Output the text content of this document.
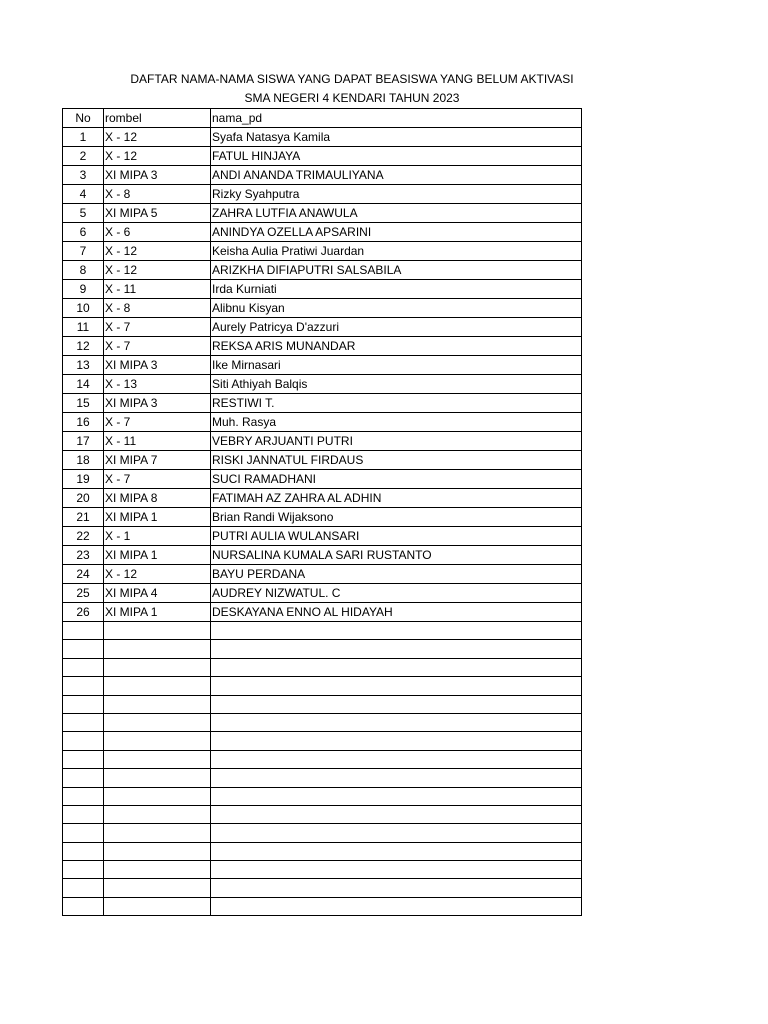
DAFTAR NAMA-NAMA SISWA YANG DAPAT BEASISWA YANG BELUM AKTIVASI
SMA NEGERI 4 KENDARI TAHUN 2023
No	rombel	nama_pd
1	X - 12	Syafa Natasya Kamila
2	X - 12	FATUL HINJAYA
3	XI MIPA 3	ANDI ANANDA TRIMAULIYANA
4	X - 8	Rizky Syahputra
5	XI MIPA 5	ZAHRA LUTFIA ANAWULA
6	X - 6	ANINDYA OZELLA APSARINI
7	X - 12	Keisha Aulia Pratiwi Juardan
8	X - 12	ARIZKHA DIFIAPUTRI SALSABILA
9	X - 11	Irda Kurniati
10	X - 8	Alibnu Kisyan
11	X - 7	Aurely Patricya D'azzuri
12	X - 7	REKSA ARIS MUNANDAR
13	XI MIPA 3	Ike Mirnasari
14	X - 13	Siti Athiyah Balqis
15	XI MIPA 3	RESTIWI T.
16	X - 7	Muh. Rasya
17	X - 11	VEBRY ARJUANTI PUTRI
18	XI MIPA 7	RISKI JANNATUL FIRDAUS
19	X - 7	SUCI RAMADHANI
20	XI MIPA 8	FATIMAH AZ ZAHRA AL ADHIN
21	XI MIPA 1	Brian Randi Wijaksono
22	X - 1	PUTRI AULIA WULANSARI
23	XI MIPA 1	NURSALINA KUMALA SARI RUSTANTO
24	X - 12	BAYU PERDANA
25	XI MIPA 4	AUDREY NIZWATUL. C
26	XI MIPA 1	DESKAYANA ENNO AL HIDAYAH
